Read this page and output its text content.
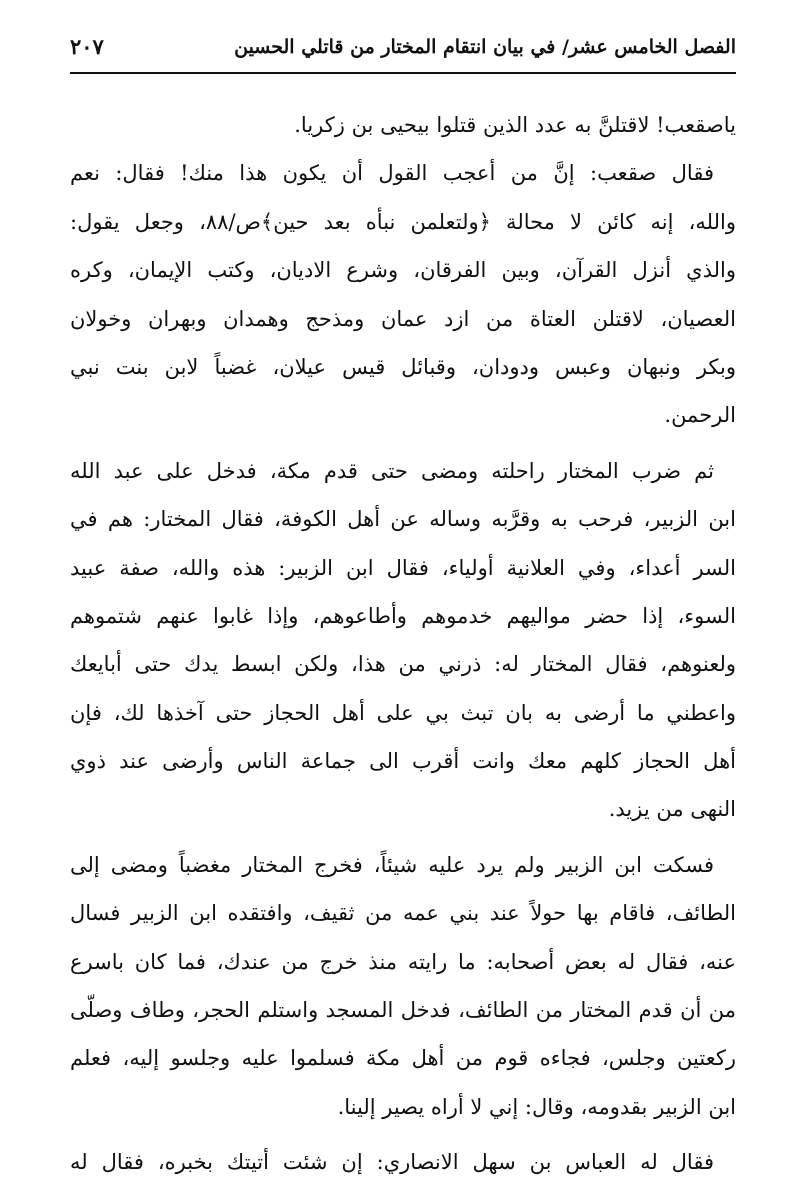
الفصل الخامس عشر/ في بيان انتقام المختار من قاتلي الحسين
٢٠٧
ياصقعب! لاقتلنَّ به عدد الذين قتلوا بيحيى بن زكريا.
فقال صقعب: إنَّ من أعجب القول أن يكون هذا منك! فقال: نعم
والله، إنه كائن لا محالة ﴿ولتعلمن نبأه بعد حين﴾ص/٨٨، وجعل يقول:
والذي أنزل القرآن، وبين الفرقان، وشرع الاديان، وكتب الإيمان، وكره
العصيان، لاقتلن العتاة من ازد عمان ومذحج وهمدان وبهران وخولان
وبكر ونبهان وعبس ودودان، وقبائل قيس عيلان، غضباً لابن بنت نبي
الرحمن.
ثم ضرب المختار راحلته ومضى حتى قدم مكة، فدخل على عبد الله
ابن الزبير، فرحب به وقرَّبه وساله عن أهل الكوفة، فقال المختار: هم في
السر أعداء، وفي العلانية أولياء، فقال ابن الزبير: هذه والله، صفة عبيد
السوء، إذا حضر مواليهم خدموهم وأطاعوهم، وإذا غابوا عنهم شتموهم
ولعنوهم، فقال المختار له: ذرني من هذا، ولكن ابسط يدك حتى أبايعك
واعطني ما أرضى به بان تبث بي على أهل الحجاز حتى آخذها لك، فإن
أهل الحجاز كلهم معك وانت أقرب الى جماعة الناس وأرضى عند ذوي
النهى من يزيد.
فسكت ابن الزبير ولم يرد عليه شيئاً، فخرج المختار مغضباً ومضى إلى
الطائف، فاقام بها حولاً عند بني عمه من ثقيف، وافتقده ابن الزبير فسال
عنه، فقال له بعض أصحابه: ما رايته منذ خرج من عندك، فما كان باسرع
من أن قدم المختار من الطائف، فدخل المسجد واستلم الحجر، وطاف وصلّى
ركعتين وجلس، فجاءه قوم من أهل مكة فسلموا عليه وجلسو إليه، فعلم
ابن الزبير بقدومه، وقال: إني لا أراه يصير إلينا.
فقال له العباس بن سهل الانصاري: إن شئت أتيتك بخبره، فقال له
